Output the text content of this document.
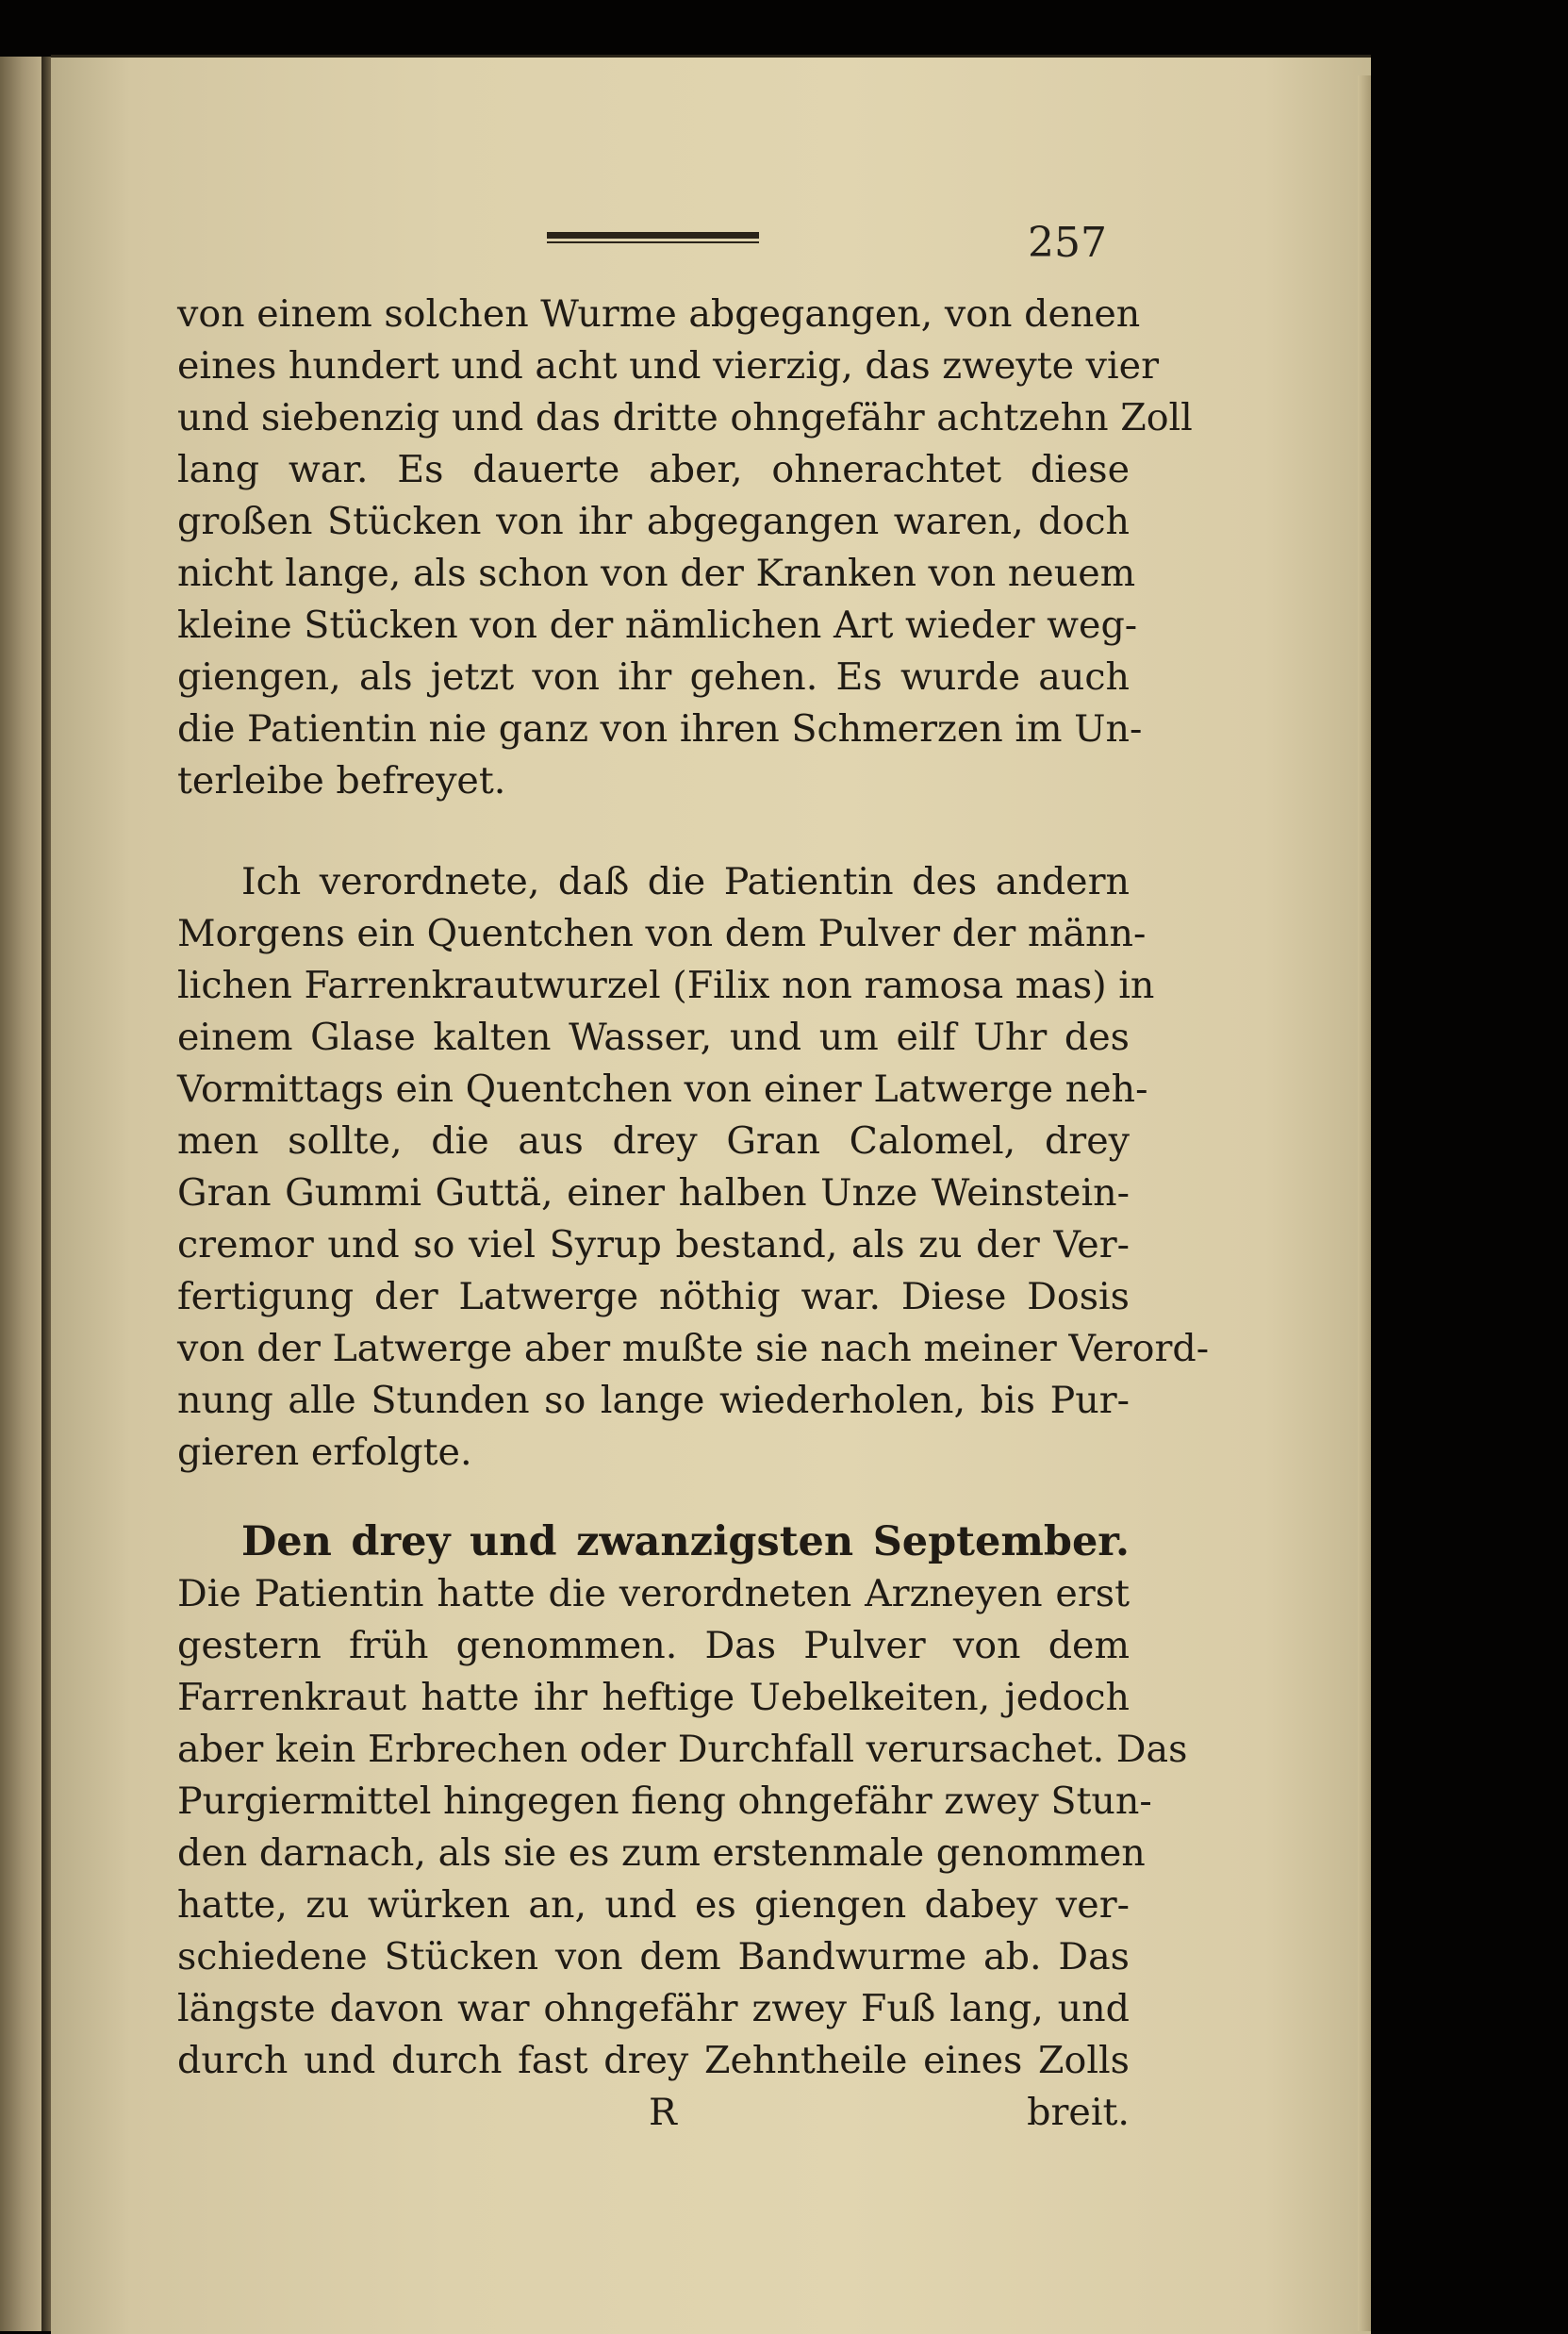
257
von einem solchen Wurme abgegangen, von denen
eines hundert und acht und vierzig, das zweyte vier
und siebenzig und das dritte ohngefähr achtzehn Zoll
lang war. Es dauerte aber, ohnerachtet diese
großen Stücken von ihr abgegangen waren, doch
nicht lange, als schon von der Kranken von neuem
kleine Stücken von der nämlichen Art wieder weg-
giengen, als jetzt von ihr gehen. Es wurde auch
die Patientin nie ganz von ihren Schmerzen im Un-
terleibe befreyet.
Ich verordnete, daß die Patientin des andern
Morgens ein Quentchen von dem Pulver der männ-
lichen Farrenkrautwurzel (Filix non ramosa mas) in
einem Glase kalten Wasser, und um eilf Uhr des
Vormittags ein Quentchen von einer Latwerge neh-
men sollte, die aus drey Gran Calomel, drey
Gran Gummi Guttä, einer halben Unze Weinstein-
cremor und so viel Syrup bestand, als zu der Ver-
fertigung der Latwerge nöthig war. Diese Dosis
von der Latwerge aber mußte sie nach meiner Verord-
nung alle Stunden so lange wiederholen, bis Pur-
gieren erfolgte.
Den drey und zwanzigsten September.
Die Patientin hatte die verordneten Arzneyen erst
gestern früh genommen. Das Pulver von dem
Farrenkraut hatte ihr heftige Uebelkeiten, jedoch
aber kein Erbrechen oder Durchfall verursachet. Das
Purgiermittel hingegen fieng ohngefähr zwey Stun-
den darnach, als sie es zum erstenmale genommen
hatte, zu würken an, und es giengen dabey ver-
schiedene Stücken von dem Bandwurme ab. Das
längste davon war ohngefähr zwey Fuß lang, und
durch und durch fast drey Zehntheile eines Zolls
R	breit.
